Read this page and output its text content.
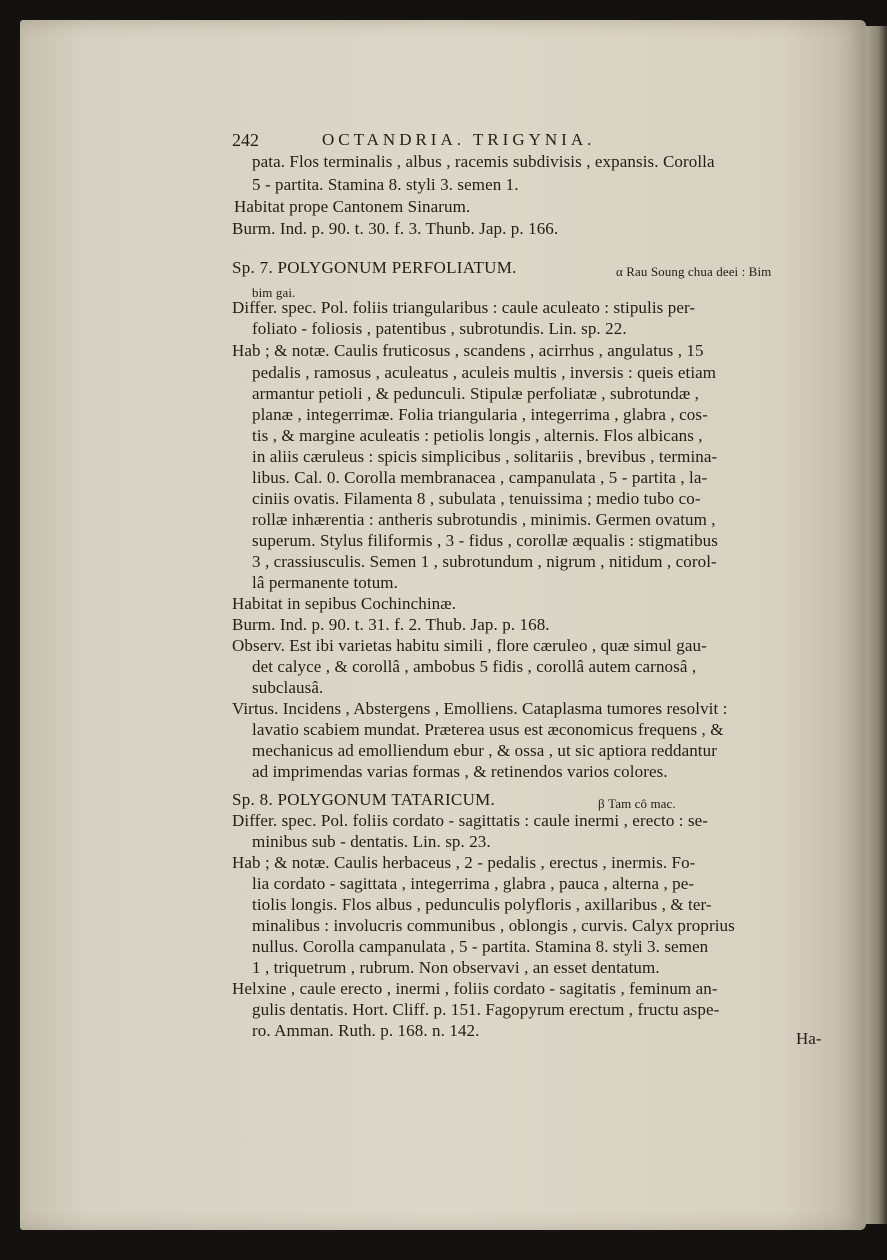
242	OCTANDRIA. TRIGYNIA.
pata. Flos terminalis , albus , racemis subdivisis , expansis. Corolla
5 - partita. Stamina 8. styli 3. semen 1.
Habitat prope Cantonem Sinarum.
Burm. Ind. p. 90. t. 30. f. 3. Thunb. Jap. p. 166.
Sp. 7. POLYGONUM PERFOLIATUM.	α Rau Soung chua deei : Bim
bim gai.
foliato - foliosis , patentibus , subrotundis. Lin. sp. 22.
Differ. spec. Pol. foliis triangularibus : caule aculeato : stipulis per-
Hab ; & notæ. Caulis fruticosus , scandens , acirrhus , angulatus , 15
pedalis , ramosus , aculeatus , aculeis multis , inversis : queis etiam
armantur petioli , & pedunculi. Stipulæ perfoliatæ , subrotundæ ,
planæ , integerrimæ. Folia triangularia , integerrima , glabra , cos-
tis , & margine aculeatis : petiolis longis , alternis. Flos albicans ,
in aliis cæruleus : spicis simplicibus , solitariis , brevibus , termina-
libus. Cal. 0. Corolla membranacea , campanulata , 5 - partita , la-
ciniis ovatis. Filamenta 8 , subulata , tenuissima ; medio tubo co-
rollæ inhærentia : antheris subrotundis , minimis. Germen ovatum ,
superum. Stylus filiformis , 3 - fidus , corollæ æqualis : stigmatibus
3 , crassiusculis. Semen 1 , subrotundum , nigrum , nitidum , corol-
lâ permanente totum.
Habitat in sepibus Cochinchinæ.
Burm. Ind. p. 90. t. 31. f. 2. Thub. Jap. p. 168.
Observ. Est ibi varietas habitu simili , flore cæruleo , quæ simul gau-
det calyce , & corollâ , ambobus 5 fidis , corollâ autem carnosâ ,
subclausâ.
Virtus. Incidens , Abstergens , Emolliens. Cataplasma tumores resolvit :
lavatio scabiem mundat. Præterea usus est æconomicus frequens , &
mechanicus ad emolliendum ebur , & ossa , ut sic aptiora reddantur
ad imprimendas varias formas , & retinendos varios colores.
Sp. 8. POLYGONUM TATARICUM.	β Tam cô mac.
Differ. spec. Pol. foliis cordato - sagittatis : caule inermi , erecto : se-
minibus sub - dentatis. Lin. sp. 23.
Hab ; & notæ. Caulis herbaceus , 2 - pedalis , erectus , inermis. Fo-
lia cordato - sagittata , integerrima , glabra , pauca , alterna , pe-
tiolis longis. Flos albus , pedunculis polyfloris , axillaribus , & ter-
minalibus : involucris communibus , oblongis , curvis. Calyx proprius
nullus. Corolla campanulata , 5 - partita. Stamina 8. styli 3. semen
1 , triquetrum , rubrum. Non observavi , an esset dentatum.
Helxine , caule erecto , inermi , foliis cordato - sagitatis , feminum an-
gulis dentatis. Hort. Cliff. p. 151. Fagopyrum erectum , fructu aspe-
ro. Amman. Ruth. p. 168. n. 142.	Ha-
